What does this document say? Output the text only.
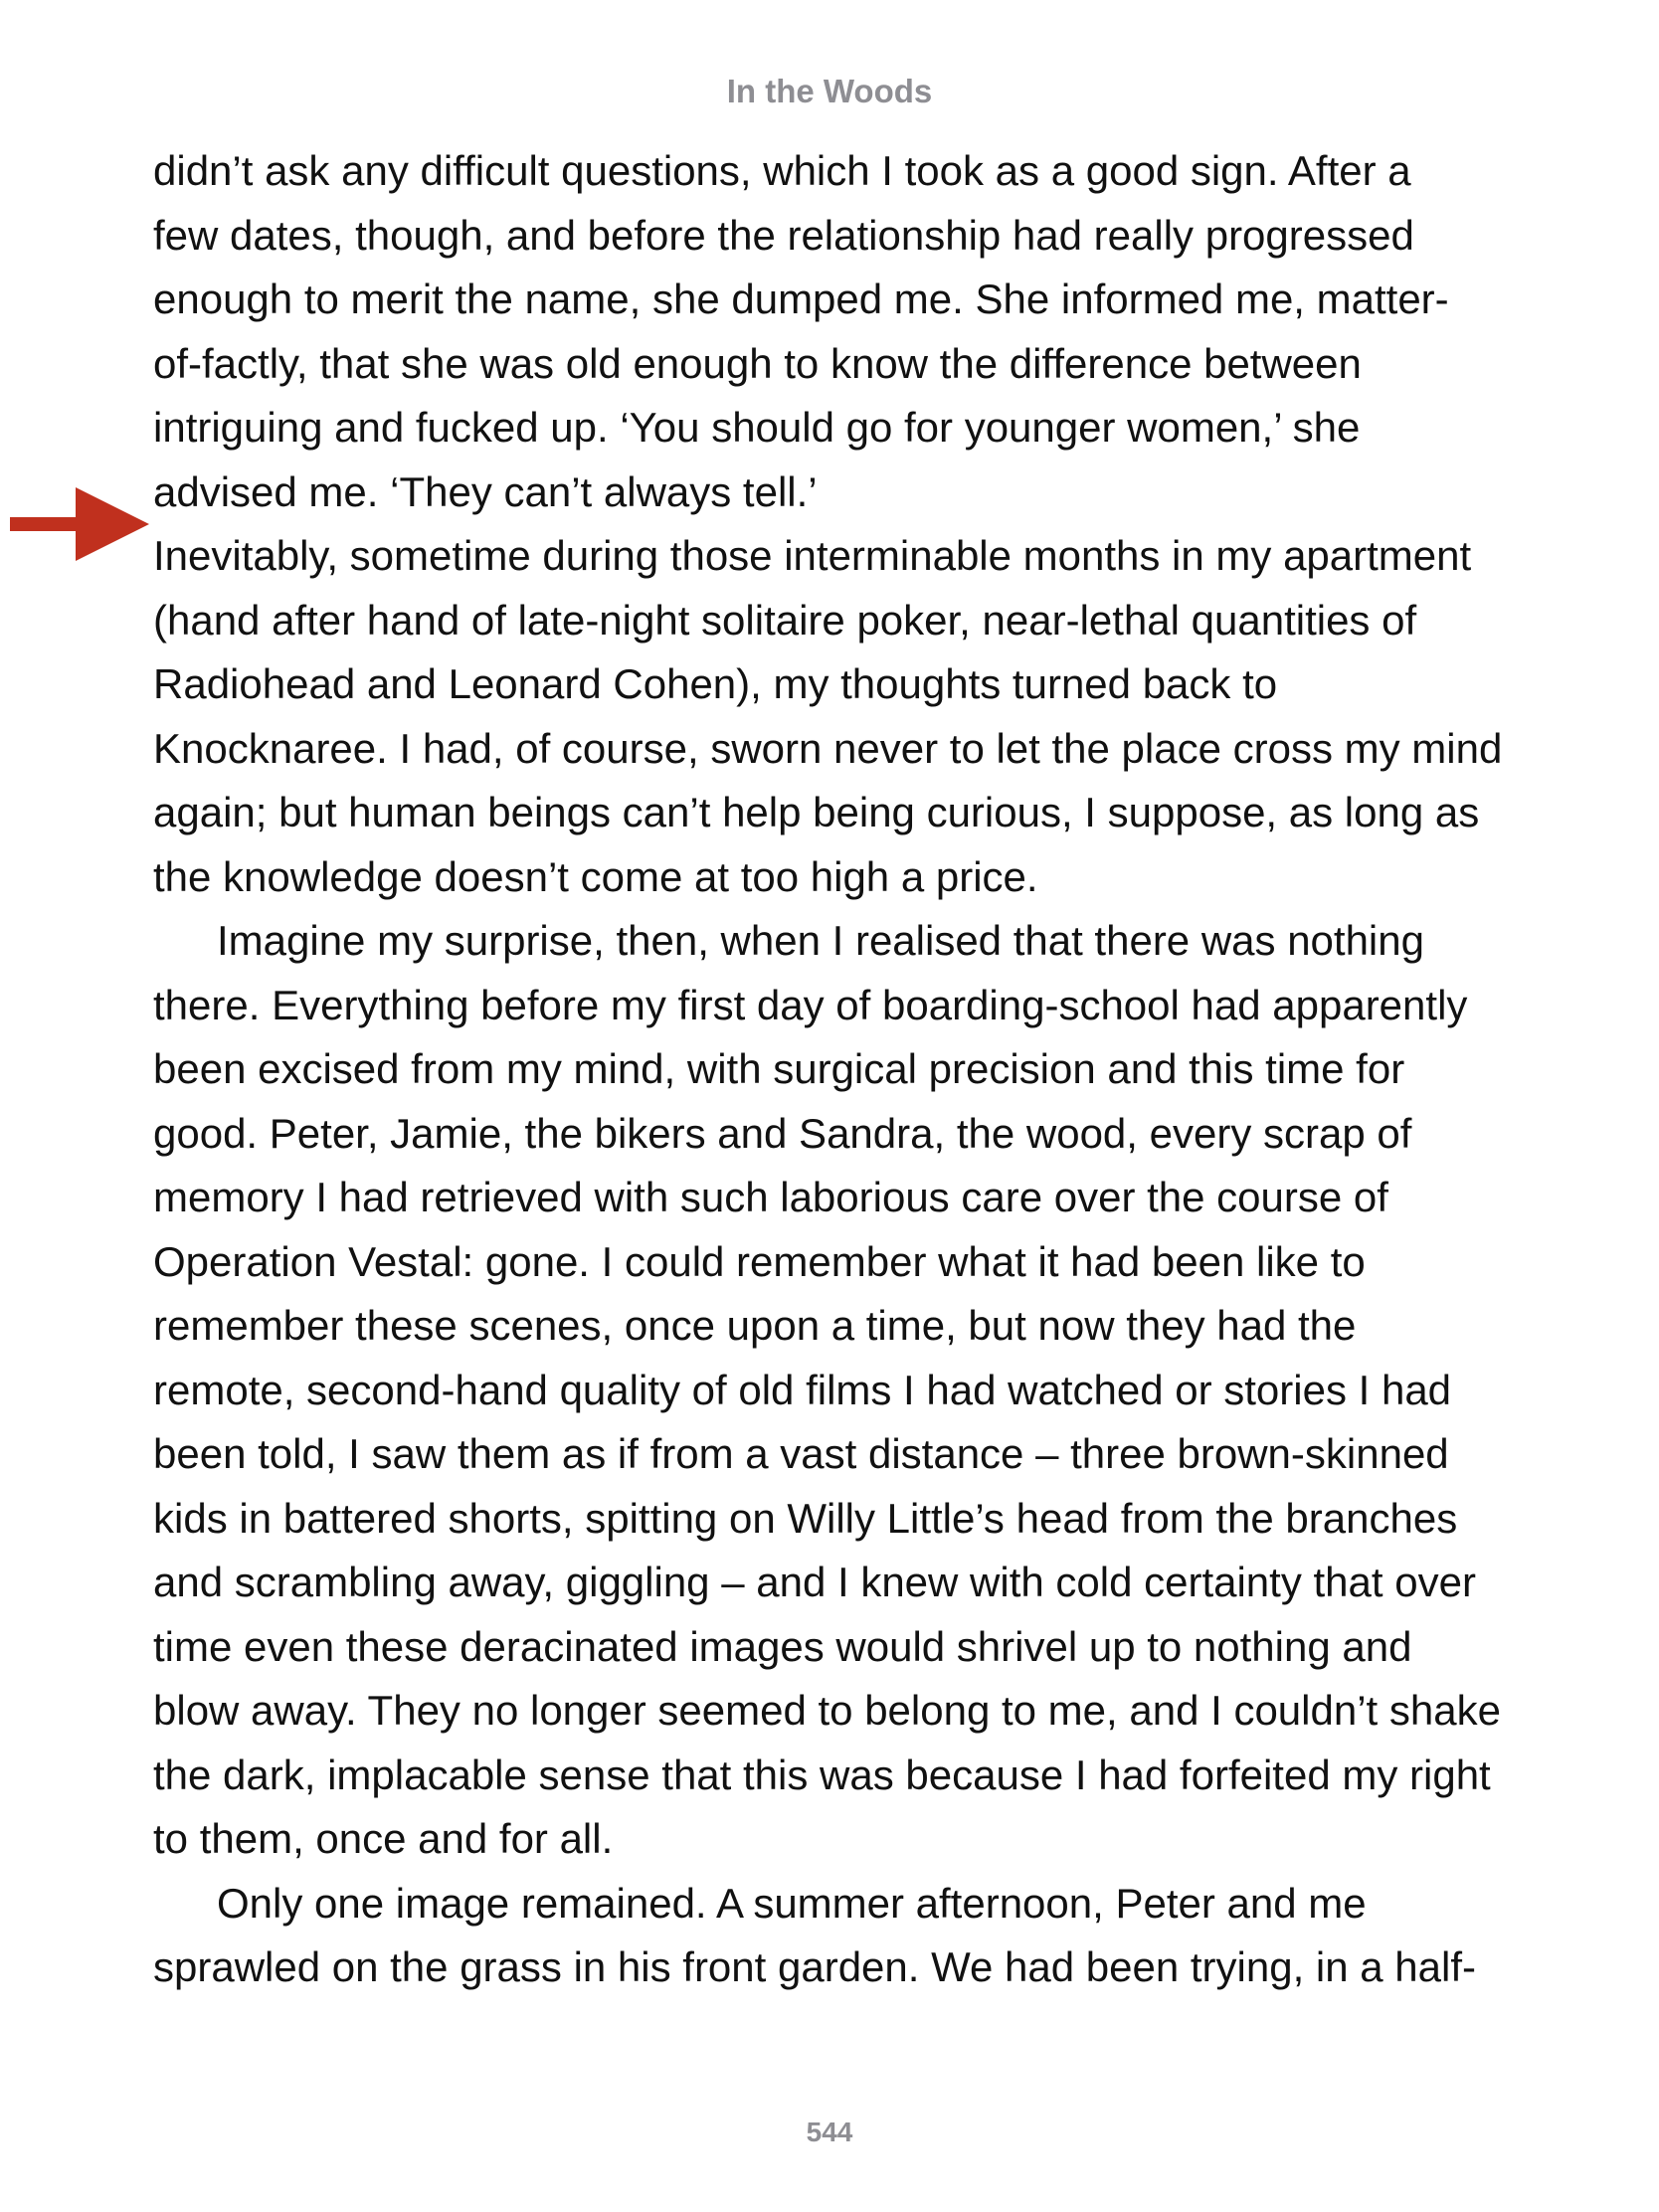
In the Woods
didn’t ask any difficult questions, which I took as a good sign. After a
few dates, though, and before the relationship had really progressed
enough to merit the name, she dumped me. She informed me, matter-
of-factly, that she was old enough to know the difference between
intriguing and fucked up. ‘You should go for younger women,’ she
advised me. ‘They can’t always tell.’
Inevitably, sometime during those interminable months in my apartment
(hand after hand of late-night solitaire poker, near-lethal quantities of
Radiohead and Leonard Cohen), my thoughts turned back to
Knocknaree. I had, of course, sworn never to let the place cross my mind
again; but human beings can’t help being curious, I suppose, as long as
the knowledge doesn’t come at too high a price.
Imagine my surprise, then, when I realised that there was nothing
there. Everything before my first day of boarding-school had apparently
been excised from my mind, with surgical precision and this time for
good. Peter, Jamie, the bikers and Sandra, the wood, every scrap of
memory I had retrieved with such laborious care over the course of
Operation Vestal: gone. I could remember what it had been like to
remember these scenes, once upon a time, but now they had the
remote, second-hand quality of old films I had watched or stories I had
been told, I saw them as if from a vast distance – three brown-skinned
kids in battered shorts, spitting on Willy Little’s head from the branches
and scrambling away, giggling – and I knew with cold certainty that over
time even these deracinated images would shrivel up to nothing and
blow away. They no longer seemed to belong to me, and I couldn’t shake
the dark, implacable sense that this was because I had forfeited my right
to them, once and for all.
Only one image remained. A summer afternoon, Peter and me
sprawled on the grass in his front garden. We had been trying, in a half-
544
